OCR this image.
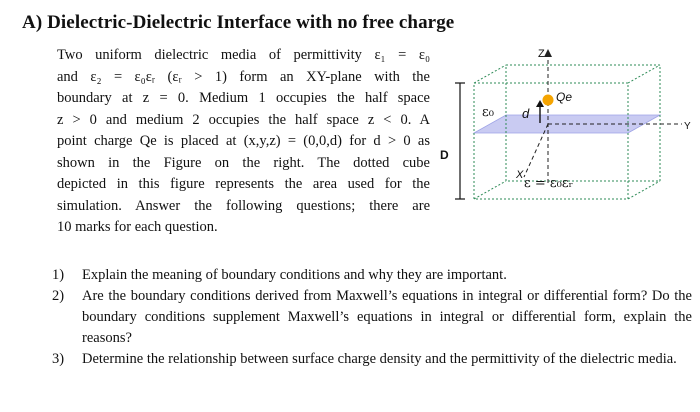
A) Dielectric-Dielectric Interface with no free charge
Two uniform dielectric media of permittivity ε₁ = ε₀
and ε₂ = ε₀εᵣ (εᵣ > 1) form an XY-plane with the
boundary at z = 0. Medium 1 occupies the half space
z > 0 and medium 2 occupies the half space z < 0. A
point charge Qe is placed at (x,y,z) = (0,0,d) for d > 0 as
shown in the Figure on the right. The dotted cube
depicted in this figure represents the area used for the
simulation. Answer the following questions; there are
10 marks for each question.
Z
Y
X
Qe
ε₀ d
D
ε = ε₀εᵣ
1) Explain the meaning of boundary conditions and why they are important.
2) Are the boundary conditions derived from Maxwell’s equations in integral or differential form? Do the boundary conditions supplement Maxwell’s equations in integral or differential form, explain the reasons?
3) Determine the relationship between surface charge density and the permittivity of the dielectric media.
